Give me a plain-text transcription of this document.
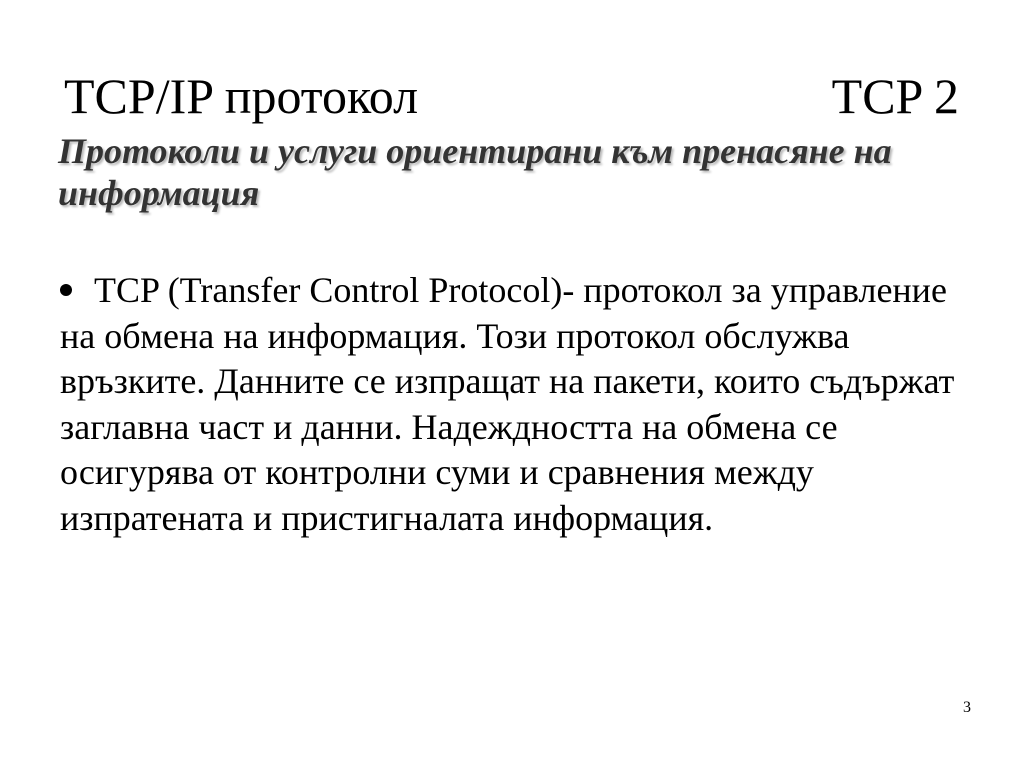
TCP/IP протокол	TCP 2
Протоколи и услуги ориентирани към пренасяне на информация
TCP (Transfer Control Protocol)- протокол за управление на обмена на информация. Този протокол обслужва връзките. Данните се изпращат на пакети, които съдържат заглавна част и данни. Надеждността на обмена се осигурява от контролни суми и сравнения между изпратената и пристигналата информация.
3
